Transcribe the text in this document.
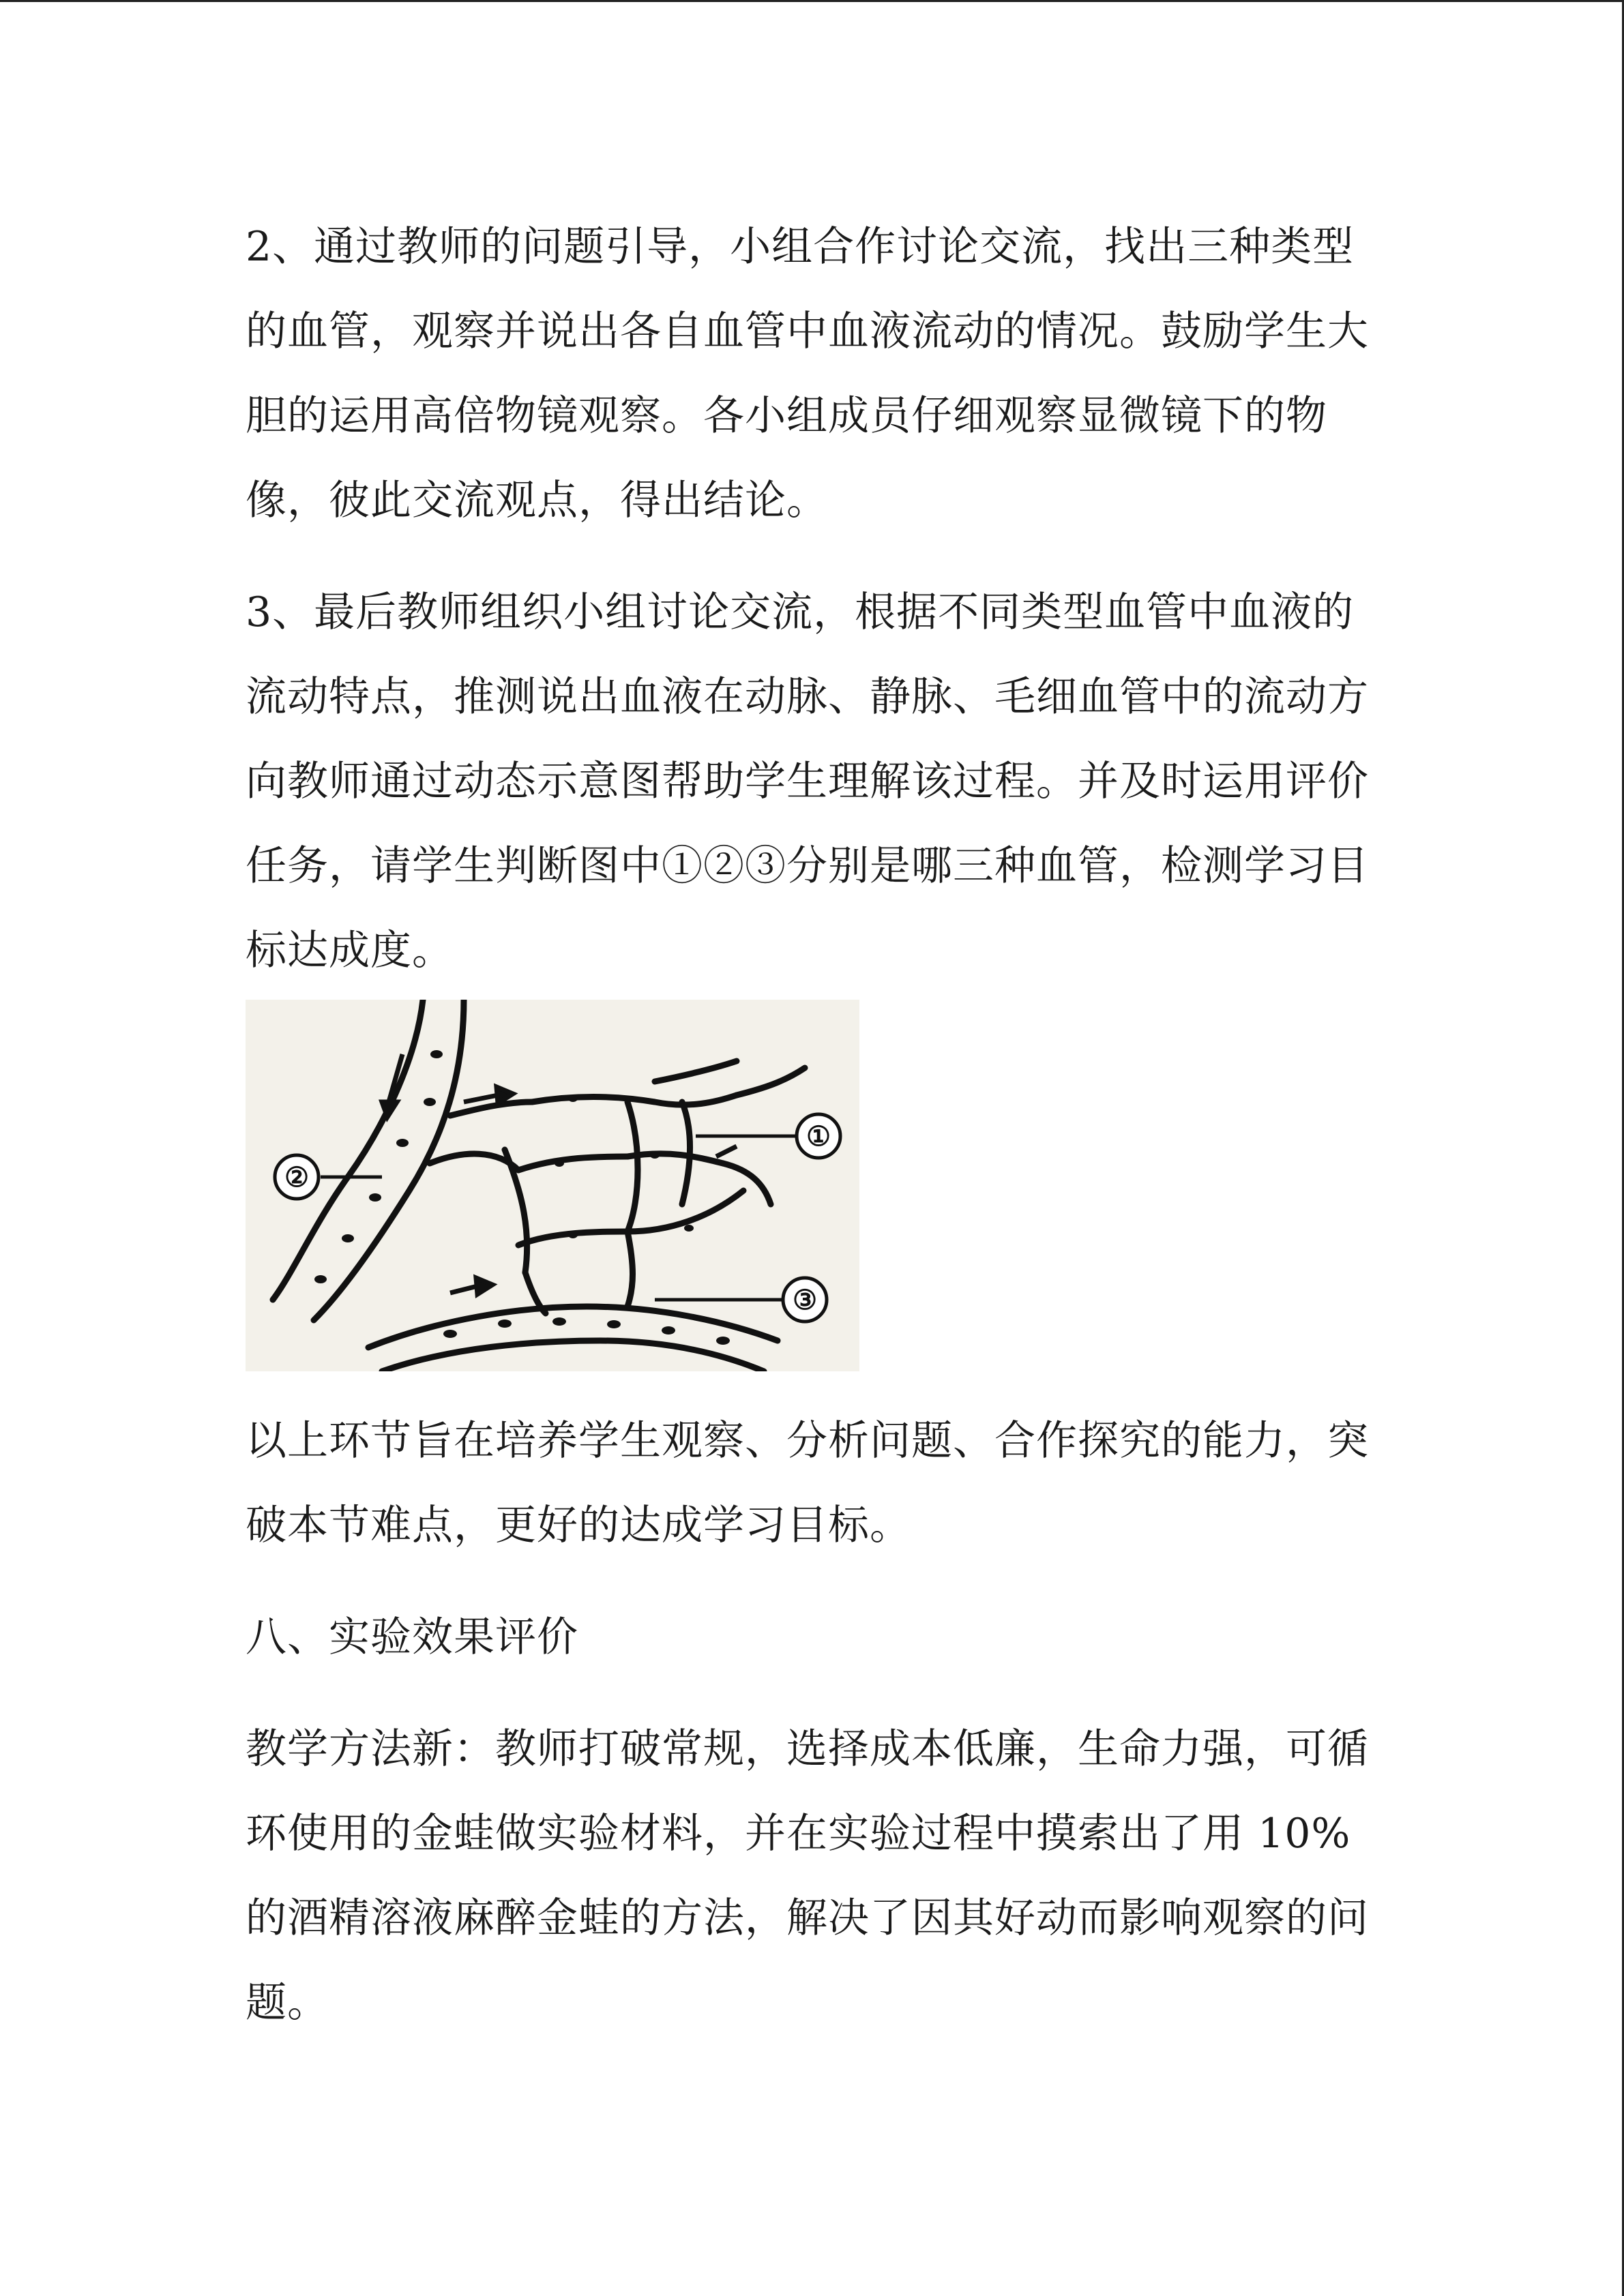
2、通过教师的问题引导，小组合作讨论交流，找出三种类型的血管，观察并说出各自血管中血液流动的情况。鼓励学生大胆的运用高倍物镜观察。各小组成员仔细观察显微镜下的物像，彼此交流观点，得出结论。

3、最后教师组织小组讨论交流，根据不同类型血管中血液的流动特点，推测说出血液在动脉、静脉、毛细血管中的流动方向教师通过动态示意图帮助学生理解该过程。并及时运用评价任务，请学生判断图中①②③分别是哪三种血管，检测学习目标达成度。

②
①
③

以上环节旨在培养学生观察、分析问题、合作探究的能力，突破本节难点，更好的达成学习目标。

八、实验效果评价

教学方法新：教师打破常规，选择成本低廉，生命力强，可循环使用的金蛙做实验材料，并在实验过程中摸索出了用 10%的酒精溶液麻醉金蛙的方法，解决了因其好动而影响观察的问题。
